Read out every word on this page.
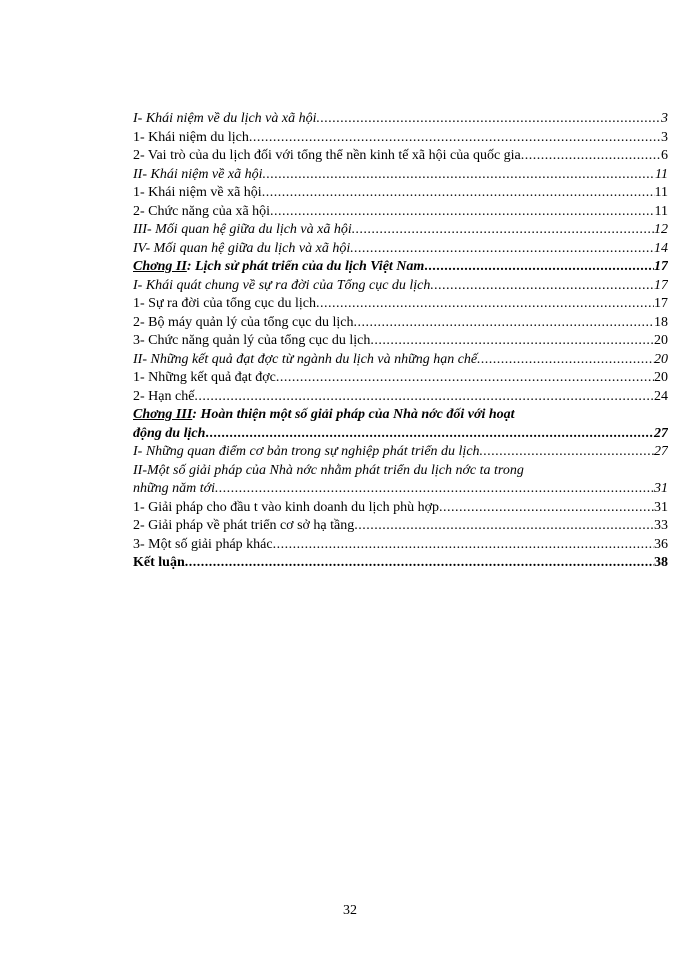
I- Khái niệm về du lịch và xã hội .....	3
1- Khái niệm du lịch .....	3
2- Vai trò của du lịch đối với tổng thể nền kinh tế xã hội của quốc gia .....	6
II- Khái niệm về xã hội .....	11
1- Khái niệm về xã hội .....	11
2- Chức năng của xã hội .....	11
III- Mối quan hệ giữa du lịch và xã hội .....	12
IV- Mối quan hệ giữa du lịch và xã hội .....	14
Chơng II: Lịch sử phát triển của du lịch Việt Nam .....	17
I- Khái quát chung về sự ra đời của Tổng cục du lịch .....	17
1- Sự ra đời của tổng cục du lịch .....	17
2- Bộ máy quản lý của tổng cục du lịch .....	18
3- Chức năng quản lý của tổng cục du lịch .....	20
II- Những kết quả đạt đợc từ ngành du lịch và những hạn chế .....	20
1- Những kết quả đạt đợc .....	20
2- Hạn chế .....	24
Chơng III: Hoàn thiện một số giải pháp của Nhà nớc đối với hoạt
động du lịch .....	27
I- Những quan điểm cơ bản trong sự nghiệp phát triển du lịch .....	27
II-Một số giải pháp của Nhà nớc nhằm phát triển du lịch nớc ta trong
những năm tới .....	31
1- Giải pháp cho đầu t vào kinh doanh du lịch phù hợp .....	31
2- Giải pháp về phát triển cơ sở hạ tầng .....	33
3- Một số giải pháp khác .....	36
Kết luận .....	38
32
